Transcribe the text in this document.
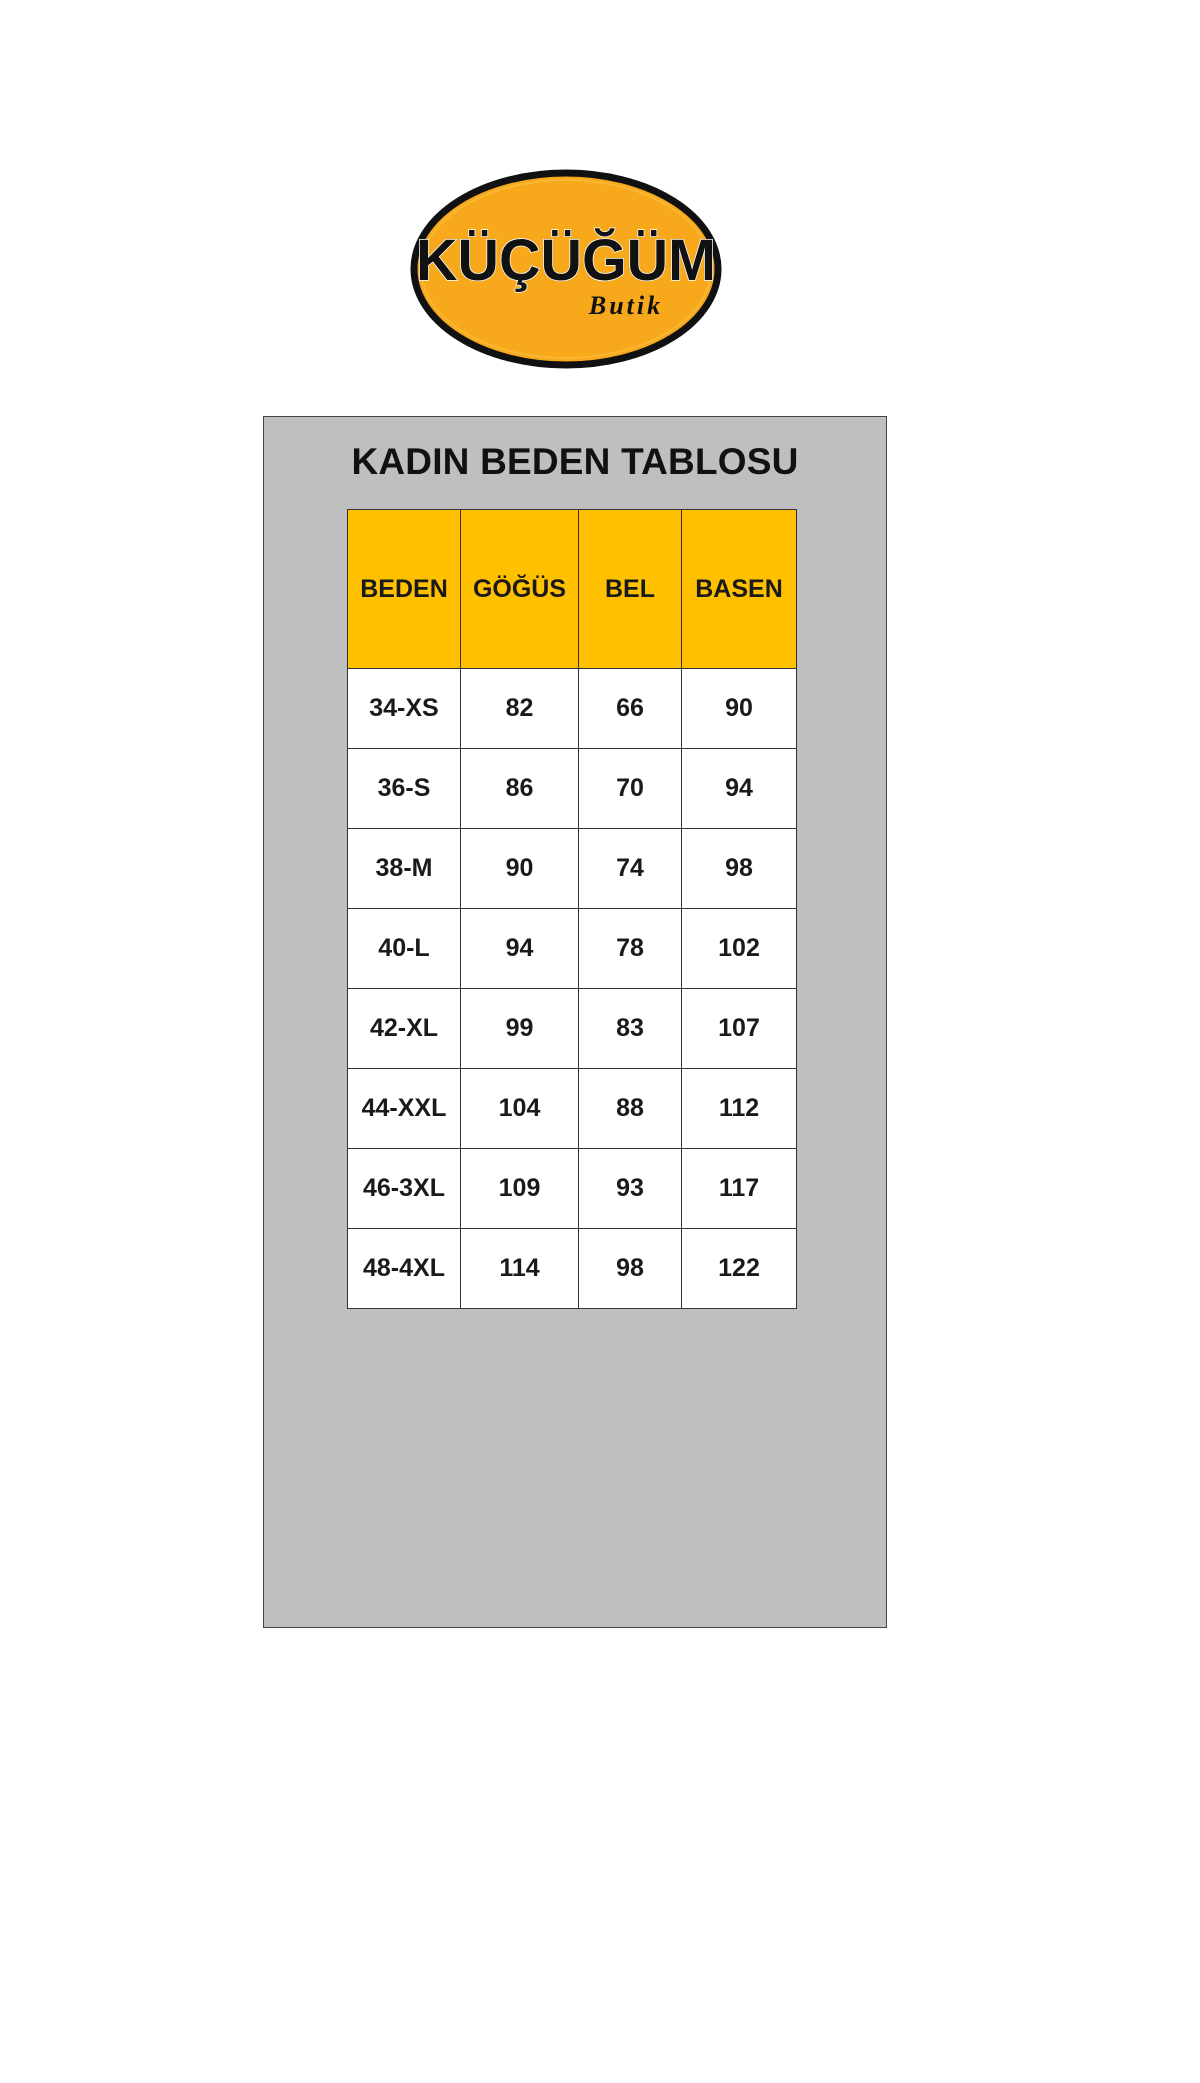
KÜÇÜĞÜM
Butik
KADIN BEDEN TABLOSU
BEDEN	GÖĞÜS	BEL	BASEN
34-XS	82	66	90
36-S	86	70	94
38-M	90	74	98
40-L	94	78	102
42-XL	99	83	107
44-XXL	104	88	112
46-3XL	109	93	117
48-4XL	114	98	122
